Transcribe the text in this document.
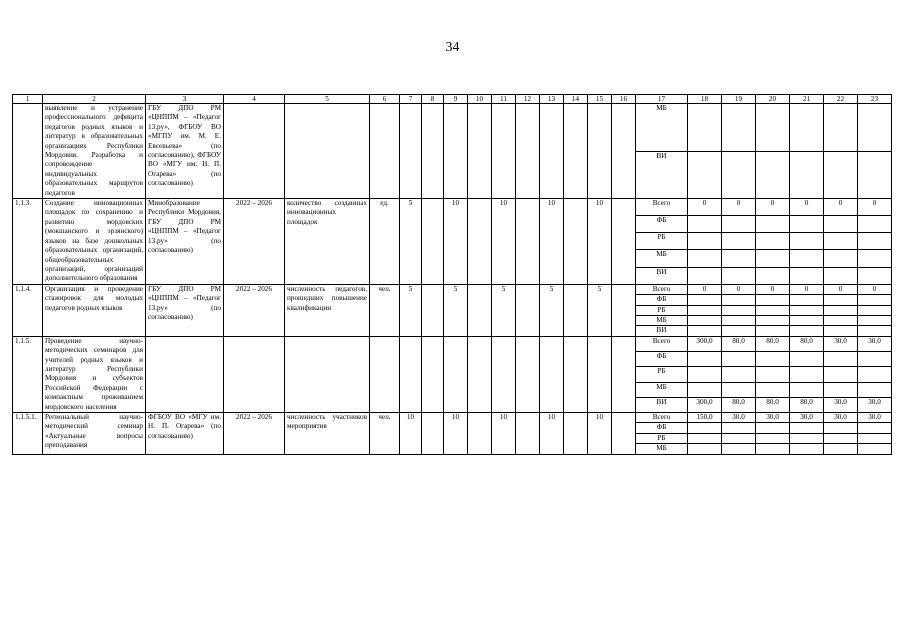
34
1	2	3	4	5	6	7	8	9	10	11	12	13	14	15	16	17	18	19	20	21	22	23
	выявление и устранение профессионального дефицита педагогов родных языков и литератур в образовательных организациях Республики Мордовия. Разработка и сопровождение индивидуальных образовательных маршрутов педагогов	ГБУ ДПО РМ «ЦНППМ – «Педагог 13.ру», ФГБОУ ВО «МГПУ им. М. Е. Евсевьева» (по согласованию), ФГБОУ ВО «МГУ им. Н. П. Огарева» (по согласованию)														МБ						
																ВИ						
1.1.3.	Создание инновационных площадок по сохранению и развитию мордовских (мокшанского и эрзянского) языков на базе дошкольных образовательных организаций, общеобразовательных организаций, организаций дополнительного образования	Минобразование Республики Мордовия, ГБУ ДПО РМ «ЦНППМ – «Педагог 13.ру» (по согласованию)	2022 – 2026	количество созданных инновационных площадок	ед.	5		10		10		10		10		Всего	0	0	0	0	0	0
																ФБ						
																РБ						
																МБ						
																ВИ						
1.1.4.	Организация и проведение стажировок для молодых педагогов родных языков	ГБУ ДПО РМ «ЦНППМ – «Педагог 13.ру» (по согласованию)	2022 – 2026	численность педагогов, прошедших повышение квалификации	чел.	5		5		5		5		5		Всего	0	0	0	0	0	0
																ФБ						
																РБ						
																МБ						
																ВИ						
1.1.5.	Проведение научно-методических семинаров для учителей родных языков и литератур Республики Мордовия и субъектов Российской Федерации с компактным проживанием мордовского населения															Всего	300,0	80,0	80,0	80,0	30,0	30,0
																ФБ						
																РБ						
																МБ						
																ВИ	300,0	80,0	80,0	80,0	30,0	30,0
1.1.5.1.	Региональный научно-методический семинар «Актуальные вопросы преподавания	ФГБОУ ВО «МГУ им. Н. П. Огарева» (по согласованию)	2022 – 2026	численность участников мероприятия	чел.	10		10		10		10		10		Всего	150,0	30,0	30,0	30,0	30,0	30,0
																ФБ						
																РБ						
																МБ						
